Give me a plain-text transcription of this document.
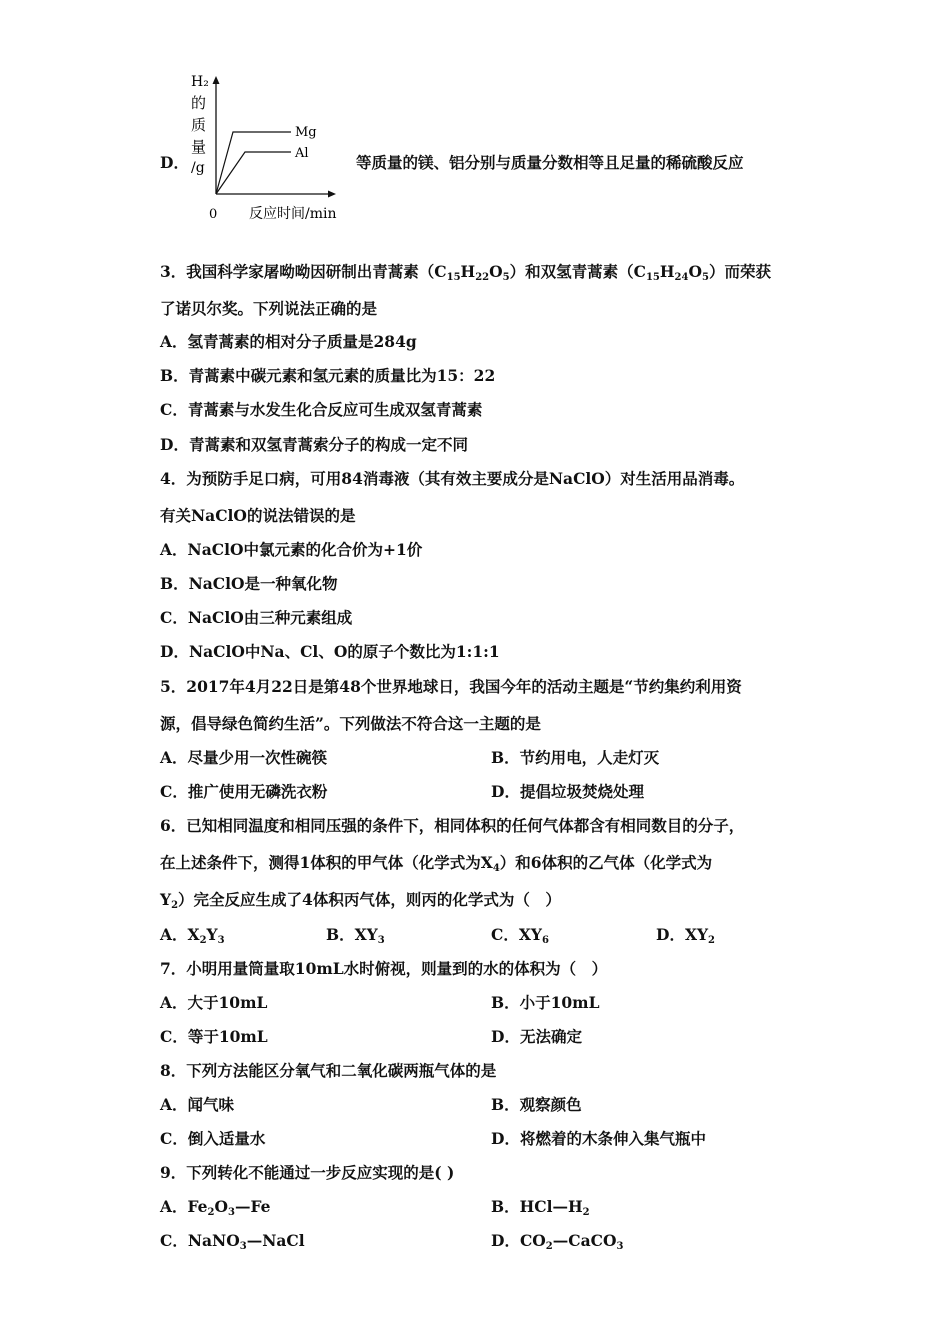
D．
H₂
的
质
量
/g
Mg
Al
0 反应时间/min
等质量的镁、铝分别与质量分数相等且足量的稀硫酸反应
3．我国科学家屠呦呦因研制出青蒿素$(C_{15}H_{22}O_5)$和双氢青蒿素$(C_{15}H_{24}O_5)$而荣获
了诺贝尔奖。下列说法正确的是
A．氢青蒿素的相对分子质量是284g
B．青蒿素中碳元素和氢元素的质量比为15：22
C．青蒿素与水发生化合反应可生成双氢青蒿素
D．青蒿素和双氢青蒿索分子的构成一定不同
4．为预防手足口病，可用84消毒液（其有效主要成分是NaClO）对生活用品消毒。
有关NaClO的说法错误的是
A．NaClO中氯元素的化合价为+1价
B．NaClO是一种氧化物
C．NaClO由三种元素组成
D．NaClO中Na、Cl、O的原子个数比为1:1:1
5．2017年4月22日是第48个世界地球日，我国今年的活动主题是“节约集约利用资
源，倡导绿色简约生活”。下列做法不符合这一主题的是
A．尽量少用一次性碗筷	B．节约用电，人走灯灭
C．推广使用无磷洗衣粉	D．提倡垃圾焚烧处理
6．已知相同温度和相同压强的条件下，相同体积的任何气体都含有相同数目的分子，
在上述条件下，测得1体积的甲气体（化学式为$X_4$）和6体积的乙气体（化学式为
$Y_2$）完全反应生成了4体积丙气体，则丙的化学式为（　）
A．$X_2Y_3$	B．$XY_3$	C．$XY_6$	D．$XY_2$
7．小明用量筒量取10mL水时俯视，则量到的水的体积为（　）
A．大于10mL	B．小于10mL
C．等于10mL	D．无法确定
8．下列方法能区分氧气和二氧化碳两瓶气体的是
A．闻气味	B．观察颜色
C．倒入适量水	D．将燃着的木条伸入集气瓶中
9．下列转化不能通过一步反应实现的是( )
A．$Fe_2O_3—Fe$	B．$HCl—H_2$
C．NaNO$_3$—NaCl	D．$CO_2—CaCO_3$
